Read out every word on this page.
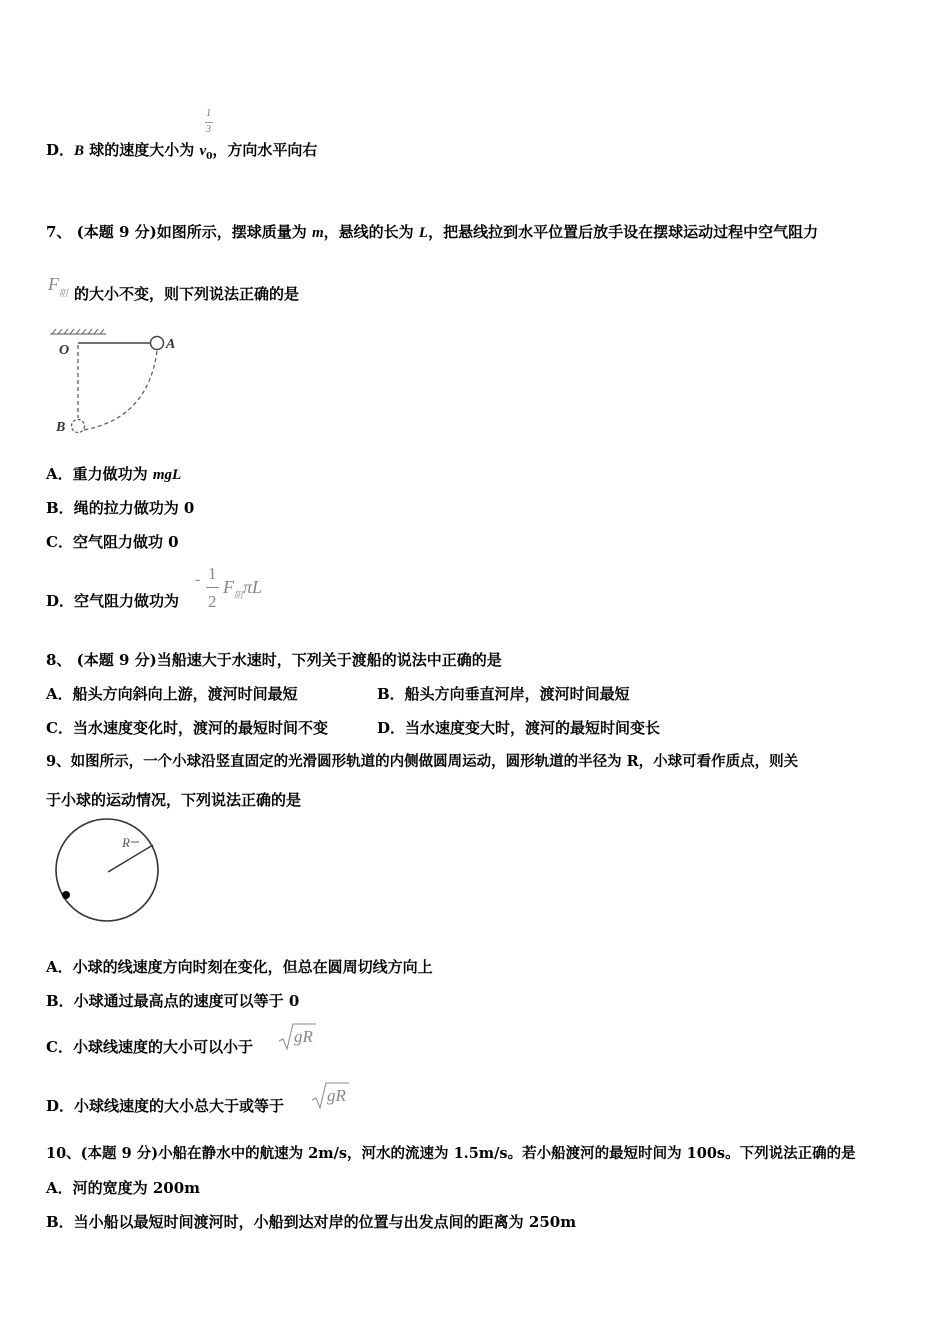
D．B 球的速度大小为 $v_0$，方向水平向右
1
3
7、 (本题 9 分)如图所示，摆球质量为 m，悬线的长为 L，把悬线拉到水平位置后放手设在摆球运动过程中空气阻力
$F_阻$ 的大小不变，则下列说法正确的是
O	A
B
A．重力做功为 mgL
B．绳的拉力做功为 0
C．空气阻力做功 0
D．空气阻力做功为
- 1
2
$F_阻\pi L$
8、 (本题 9 分)当船速大于水速时，下列关于渡船的说法中正确的是
A．船头方向斜向上游，渡河时间最短	B．船头方向垂直河岸，渡河时间最短
C．当水速度变化时，渡河的最短时间不变	D．当水速度变大时，渡河的最短时间变长
9、如图所示，一个小球沿竖直固定的光滑圆形轨道的内侧做圆周运动，圆形轨道的半径为 R，小球可看作质点，则关
于小球的运动情况，下列说法正确的是
R
A．小球的线速度方向时刻在变化，但总在圆周切线方向上
B．小球通过最高点的速度可以等于 0
C．小球线速度的大小可以小于
gR
D．小球线速度的大小总大于或等于
gR
10、(本题 9 分)小船在静水中的航速为 2m/s，河水的流速为 1.5m/s。若小船渡河的最短时间为 100s。下列说法正确的是
A．河的宽度为 200m
B．当小船以最短时间渡河时，小船到达对岸的位置与出发点间的距离为 250m
